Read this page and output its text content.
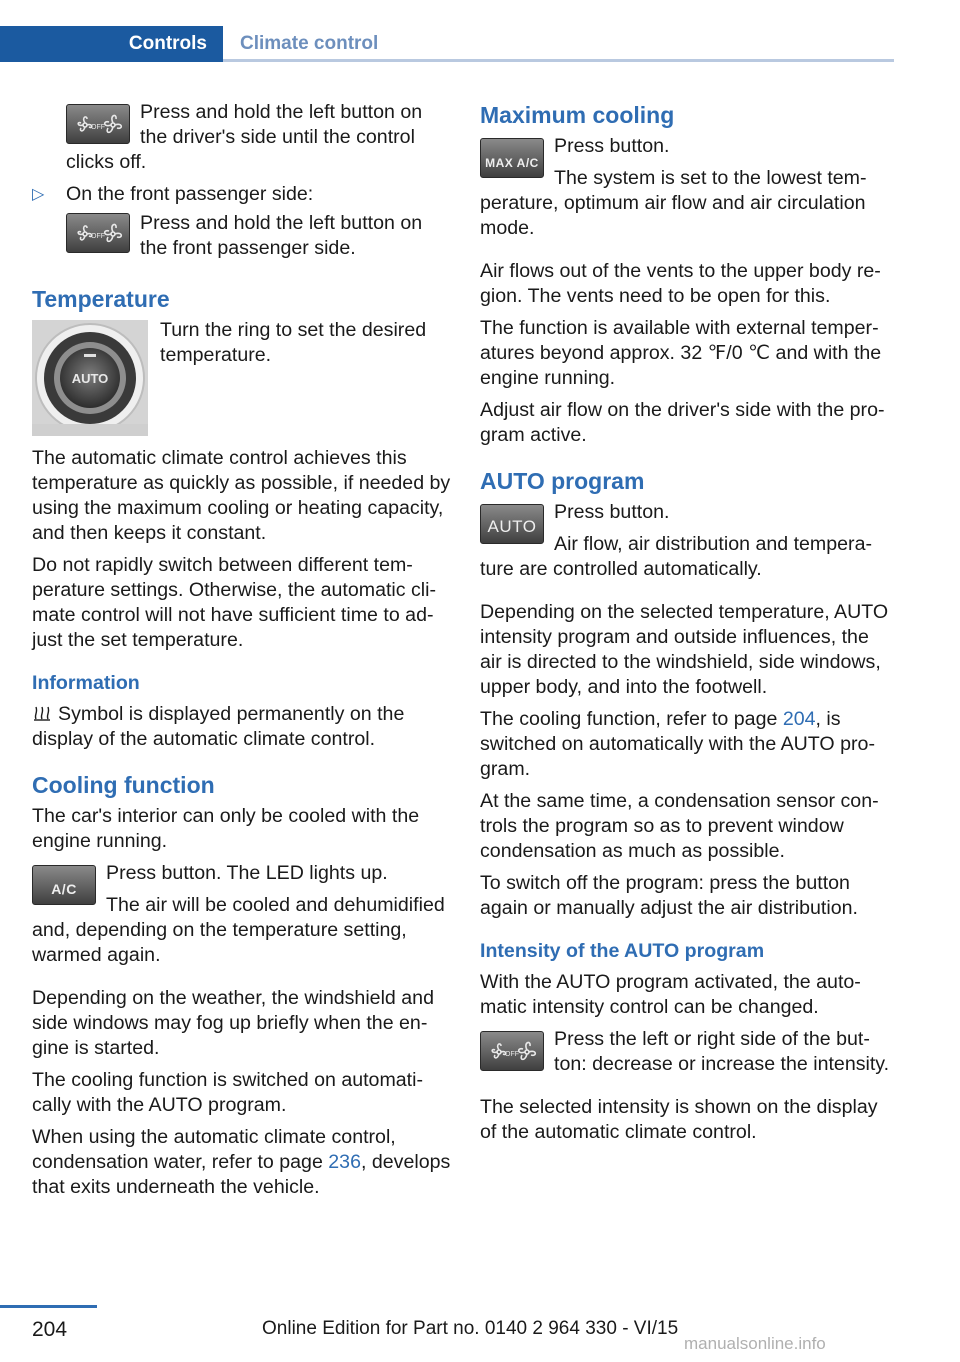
Controls	Climate control
OFF

Press and hold the left button on the driver's side until the control clicks off.

▷ On the front passenger side:
OFF

Press and hold the left button on the front passenger side.

Temperature
AUTO

Turn the ring to set the desired temperature.

The automatic climate control achieves this temperature as quickly as possible, if needed by using the maximum cooling or heating capacity, and then keeps it constant.

Do not rapidly switch between different temperature settings. Otherwise, the automatic climate control will not have sufficient time to adjust the set temperature.

Information

Symbol is displayed permanently on the display of the automatic climate control.

Cooling function

The car's interior can only be cooled with the engine running.

A/C

Press button. The LED lights up.

The air will be cooled and dehumidified and, depending on the temperature setting, warmed again.

Depending on the weather, the windshield and side windows may fog up briefly when the engine is started.

The cooling function is switched on automatically with the AUTO program.

When using the automatic climate control, condensation water, refer to page 236, develops that exits underneath the vehicle.

Maximum cooling
MAX A/C

Press button.

The system is set to the lowest temperature, optimum air flow and air circulation mode.

Air flows out of the vents to the upper body region. The vents need to be open for this.

The function is available with external temperatures beyond approx. 32 ℉/0 ℃ and with the engine running.

Adjust air flow on the driver's side with the program active.

AUTO program
AUTO

Press button.

Air flow, air distribution and temperature are controlled automatically.

Depending on the selected temperature, AUTO intensity program and outside influences, the air is directed to the windshield, side windows, upper body, and into the footwell.

The cooling function, refer to page 204, is switched on automatically with the AUTO program.

At the same time, a condensation sensor controls the program so as to prevent window condensation as much as possible.

To switch off the program: press the button again or manually adjust the air distribution.

Intensity of the AUTO program

With the AUTO program activated, the automatic intensity control can be changed.

OFF

Press the left or right side of the button: decrease or increase the intensity.

The selected intensity is shown on the display of the automatic climate control.

204	Online Edition for Part no. 0140 2 964 330 - VI/15
manualsonline.info
